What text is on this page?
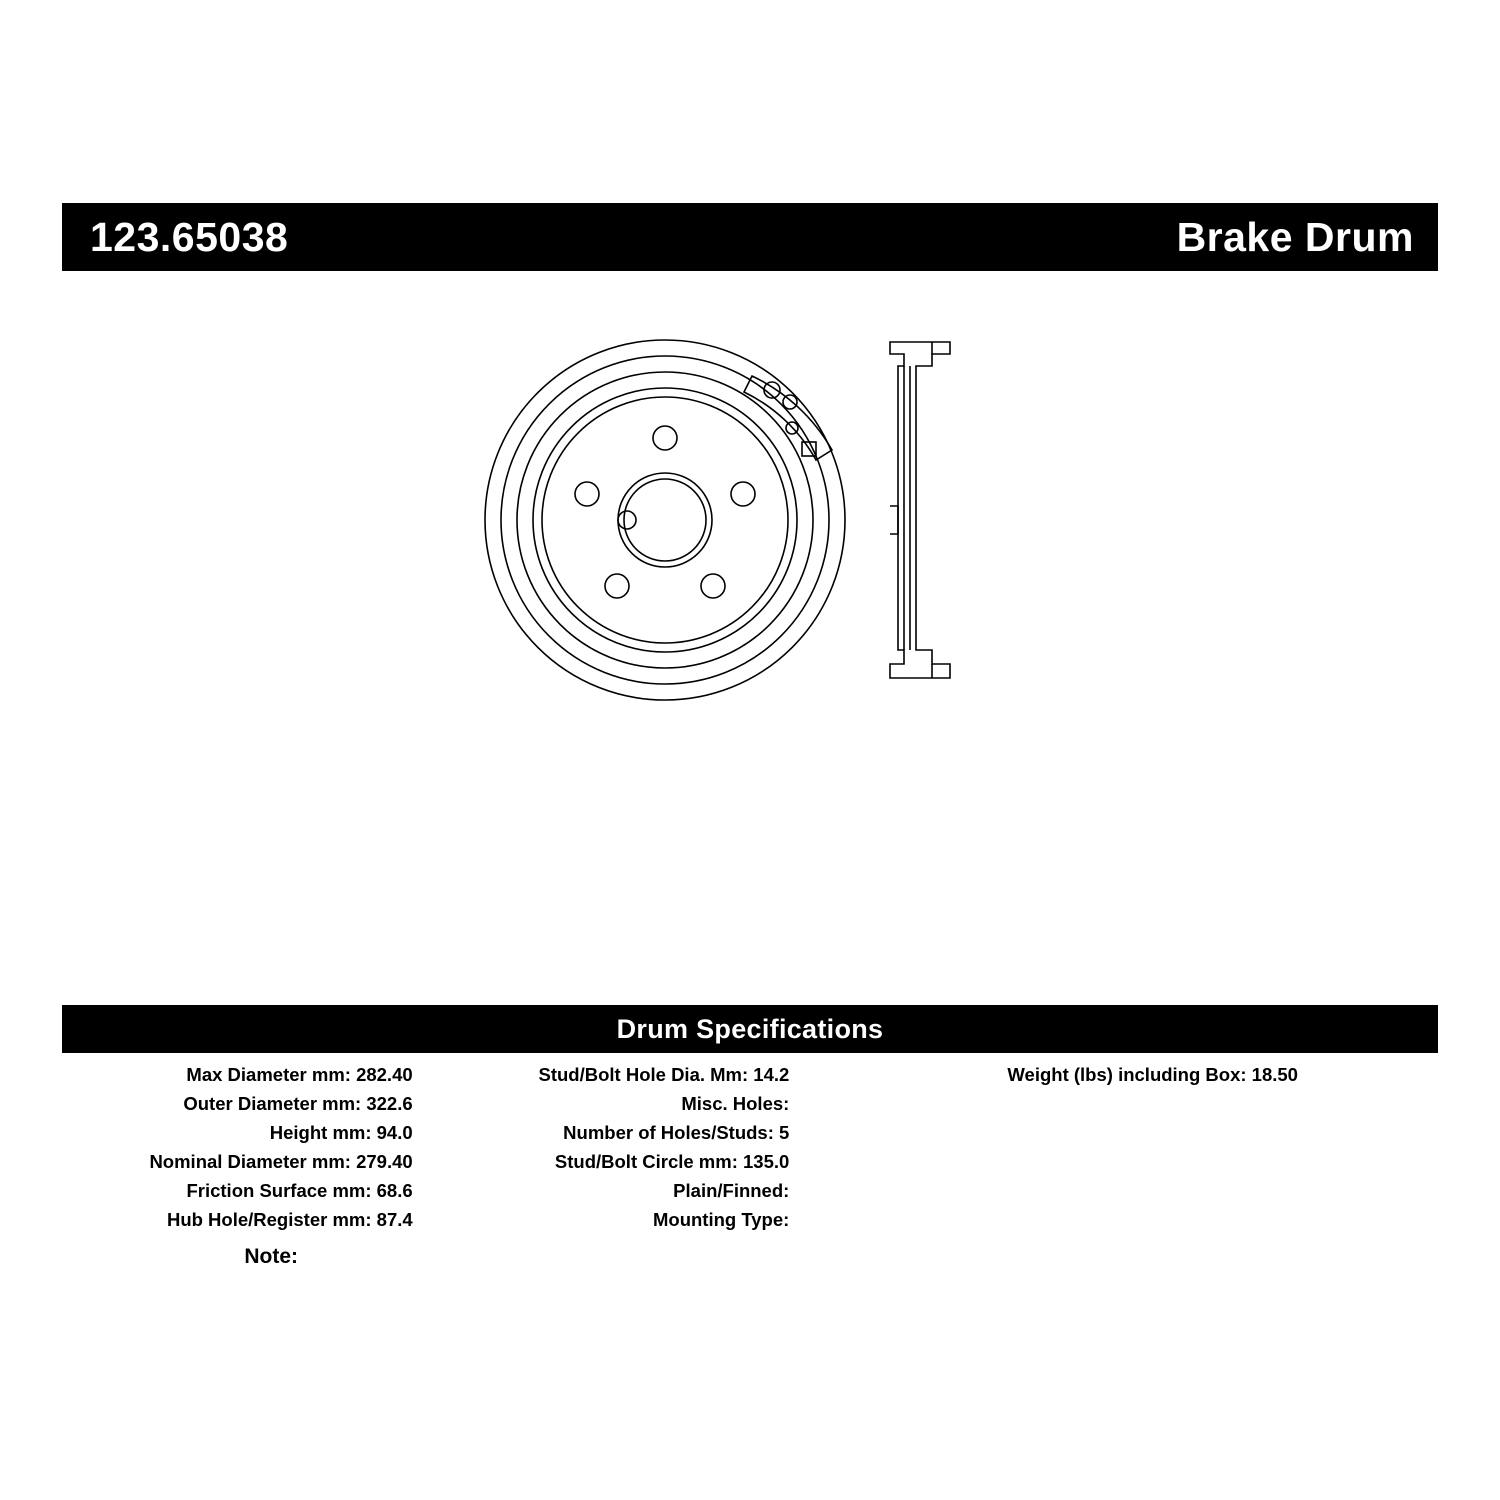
123.65038	Brake Drum
Drum Specifications
Max Diameter mm: 282.40
Outer Diameter mm: 322.6
Height mm: 94.0
Nominal Diameter mm: 279.40
Friction Surface mm: 68.6
Hub Hole/Register mm: 87.4
Stud/Bolt Hole Dia. Mm: 14.2
Misc. Holes:
Number of Holes/Studs: 5
Stud/Bolt Circle mm: 135.0
Plain/Finned:
Mounting Type:
Weight (lbs) including Box: 18.50
Note:
